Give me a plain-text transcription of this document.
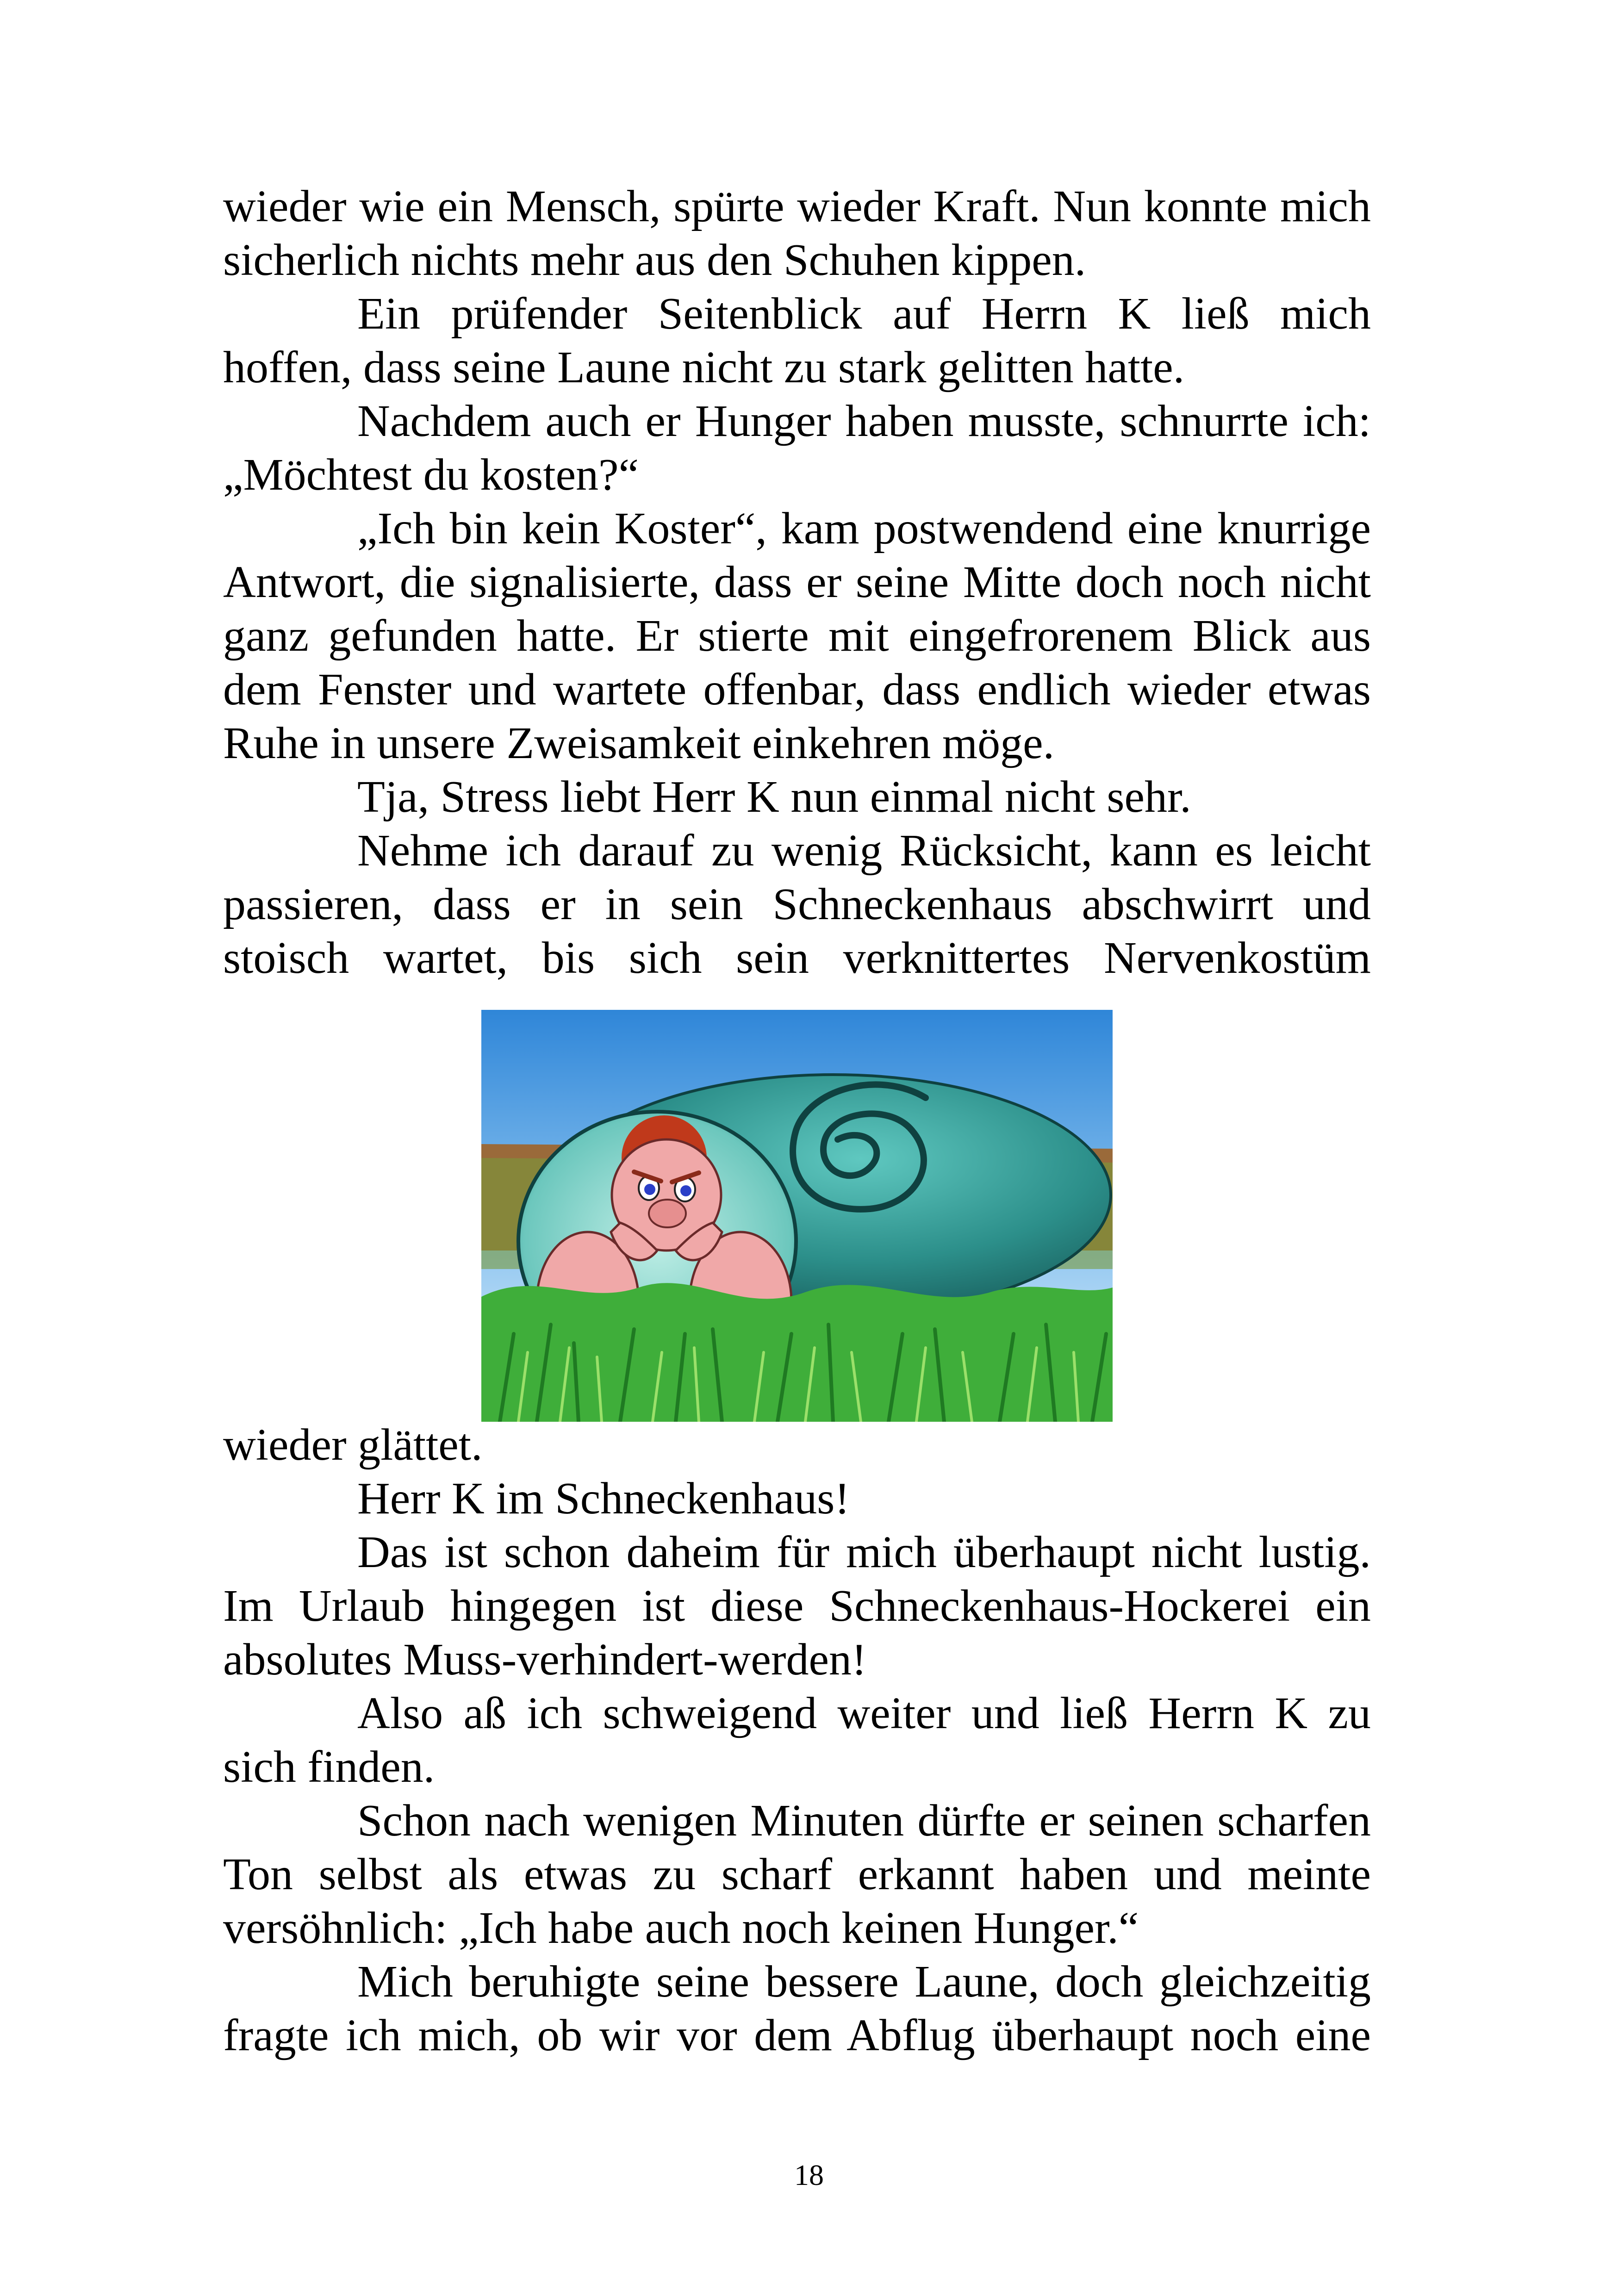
wieder wie ein Mensch, spürte wieder Kraft. Nun konnte mich sicherlich nichts mehr aus den Schuhen kippen.

Ein prüfender Seitenblick auf Herrn K ließ mich hoffen, dass seine Laune nicht zu stark gelitten hatte.

Nachdem auch er Hunger haben musste, schnurrte ich: „Möchtest du kosten?“

„Ich bin kein Koster“, kam postwendend eine knurrige Antwort, die signalisierte, dass er seine Mitte doch noch nicht ganz gefunden hatte. Er stierte mit eingefrorenem Blick aus dem Fenster und wartete offenbar, dass endlich wieder etwas Ruhe in unsere Zweisamkeit einkehren möge.

Tja, Stress liebt Herr K nun einmal nicht sehr.

Nehme ich darauf zu wenig Rücksicht, kann es leicht passieren, dass er in sein Schneckenhaus abschwirrt und stoisch wartet, bis sich sein verknittertes Nervenkostüm

wieder glättet.

Herr K im Schneckenhaus!

Das ist schon daheim für mich überhaupt nicht lustig. Im Urlaub hingegen ist diese Schneckenhaus-Hockerei ein absolutes Muss-verhindert-werden!

Also aß ich schweigend weiter und ließ Herrn K zu sich finden.

Schon nach wenigen Minuten dürfte er seinen scharfen Ton selbst als etwas zu scharf erkannt haben und meinte versöhnlich: „Ich habe auch noch keinen Hunger.“

Mich beruhigte seine bessere Laune, doch gleichzeitig fragte ich mich, ob wir vor dem Abflug überhaupt noch eine

18
